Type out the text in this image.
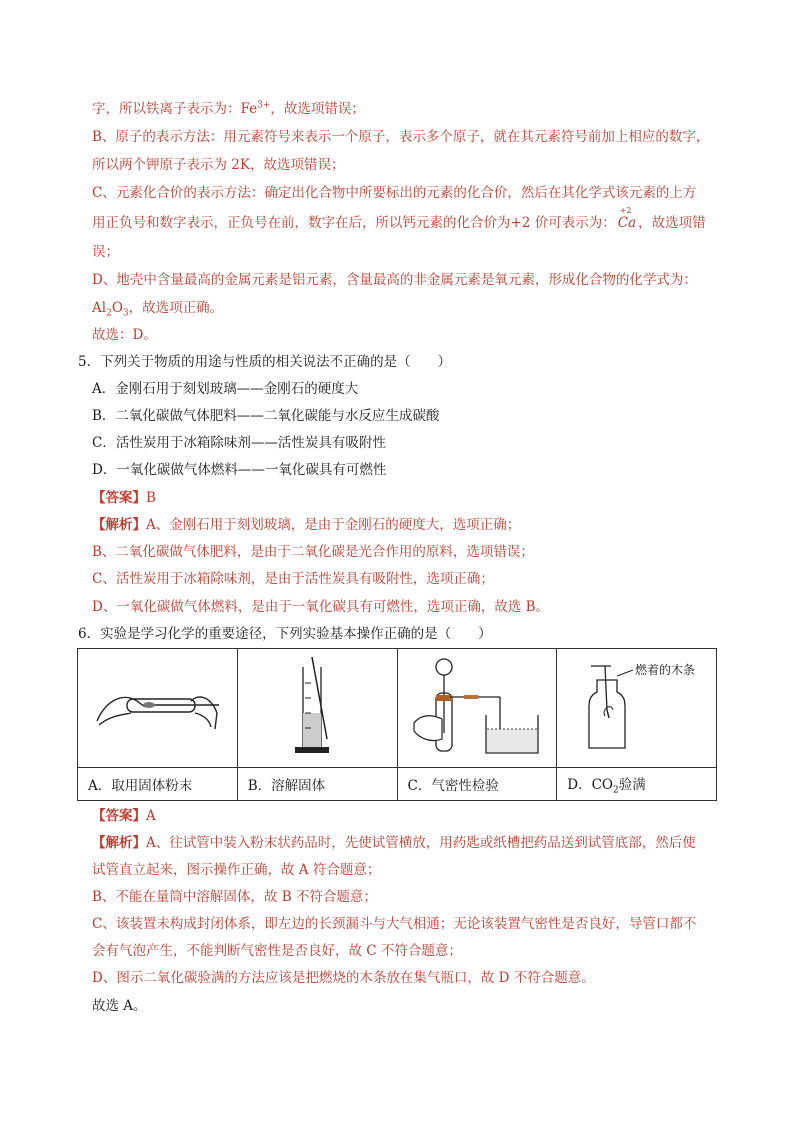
字，所以铁离子表示为：$Fe^{3+}$，故选项错误；
B、原子的表示方法：用元素符号来表示一个原子，表示多个原子，就在其元素符号前加上相应的数字，
所以两个钾原子表示为 2K，故选项错误；
C、元素化合价的表示方法：确定出化合物中所要标出的元素的化合价，然后在其化学式该元素的上方
用正负号和数字表示，正负号在前，数字在后，所以钙元素的化合价为+2 价可表示为：
+2
Ca ，故选项错
误；
D、地壳中含量最高的金属元素是铝元素，含量最高的非金属元素是氧元素，形成化合物的化学式为：
$Al_2O_3$，故选项正确。
故选：D。
5．下列关于物质的用途与性质的相关说法不正确的是（　　）
A．金刚石用于刻划玻璃——金刚石的硬度大
B．二氧化碳做气体肥料——二氧化碳能与水反应生成碳酸
C．活性炭用于冰箱除味剂——活性炭具有吸附性
D．一氧化碳做气体燃料——一氧化碳具有可燃性
【答案】B
【解析】A、金刚石用于刻划玻璃，是由于金刚石的硬度大，选项正确；
B、二氧化碳做气体肥料，是由于二氧化碳是光合作用的原料，选项错误；
C、活性炭用于冰箱除味剂，是由于活性炭具有吸附性，选项正确；
D、一氧化碳做气体燃料，是由于一氧化碳具有可燃性，选项正确，故选 B。
6．实验是学习化学的重要途径，下列实验基本操作正确的是（　　）

燃着的木条

A．取用固体粉末	B．溶解固体	C．气密性检验	D．$CO_2$验满
【答案】A
【解析】A、往试管中装入粉末状药品时，先使试管横放，用药匙或纸槽把药品送到试管底部，然后使
试管直立起来，图示操作正确，故 A 符合题意；
B、不能在量筒中溶解固体，故 B 不符合题意；
C、该装置未构成封闭体系，即左边的长颈漏斗与大气相通；无论该装置气密性是否良好，导管口都不
会有气泡产生，不能判断气密性是否良好，故 C 不符合题意；
D、图示二氧化碳验满的方法应该是把燃烧的木条放在集气瓶口，故 D 不符合题意。
故选 A。
